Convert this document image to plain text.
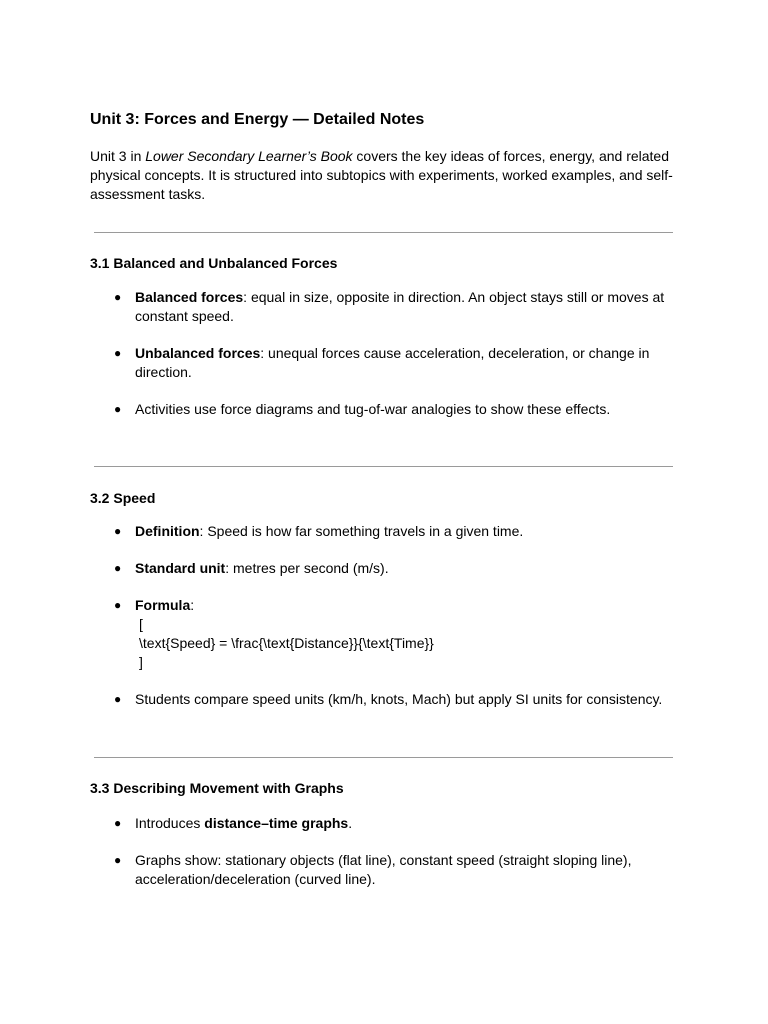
Unit 3: Forces and Energy — Detailed Notes

Unit 3 in Lower Secondary Learner’s Book covers the key ideas of forces, energy, and related physical concepts. It is structured into subtopics with experiments, worked examples, and self-assessment tasks.

3.1 Balanced and Unbalanced Forces
● Balanced forces: equal in size, opposite in direction. An object stays still or moves at constant speed.
● Unbalanced forces: unequal forces cause acceleration, deceleration, or change in direction.
● Activities use force diagrams and tug-of-war analogies to show these effects.
3.2 Speed
● Definition: Speed is how far something travels in a given time.
● Standard unit: metres per second (m/s).
● Formula:
[
\text{Speed} = \frac{\text{Distance}}{\text{Time}}
]
● Students compare speed units (km/h, knots, Mach) but apply SI units for consistency.
3.3 Describing Movement with Graphs
● Introduces distance–time graphs.
● Graphs show: stationary objects (flat line), constant speed (straight sloping line), acceleration/deceleration (curved line).
